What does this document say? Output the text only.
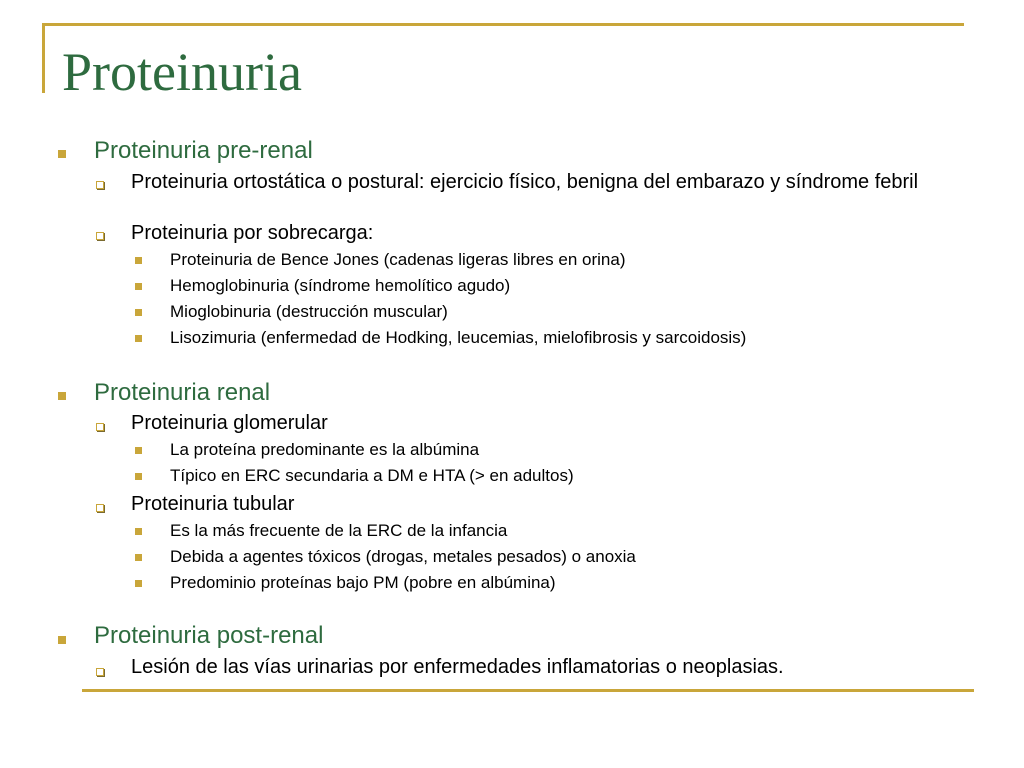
Proteinuria
Proteinuria pre-renal
Proteinuria ortostática o postural: ejercicio físico, benigna del embarazo y síndrome febril
Proteinuria por sobrecarga:
Proteinuria de Bence Jones (cadenas ligeras libres en orina)
Hemoglobinuria (síndrome hemolítico agudo)
Mioglobinuria (destrucción muscular)
Lisozimuria (enfermedad de Hodking, leucemias, mielofibrosis y sarcoidosis)
Proteinuria renal
Proteinuria glomerular
La proteína predominante es la albúmina
Típico en ERC secundaria a DM e HTA (> en adultos)
Proteinuria tubular
Es la más frecuente de la ERC de la infancia
Debida a agentes tóxicos (drogas, metales pesados) o anoxia
Predominio proteínas bajo PM (pobre en albúmina)
Proteinuria post-renal
Lesión de las vías urinarias por enfermedades inflamatorias o neoplasias.
